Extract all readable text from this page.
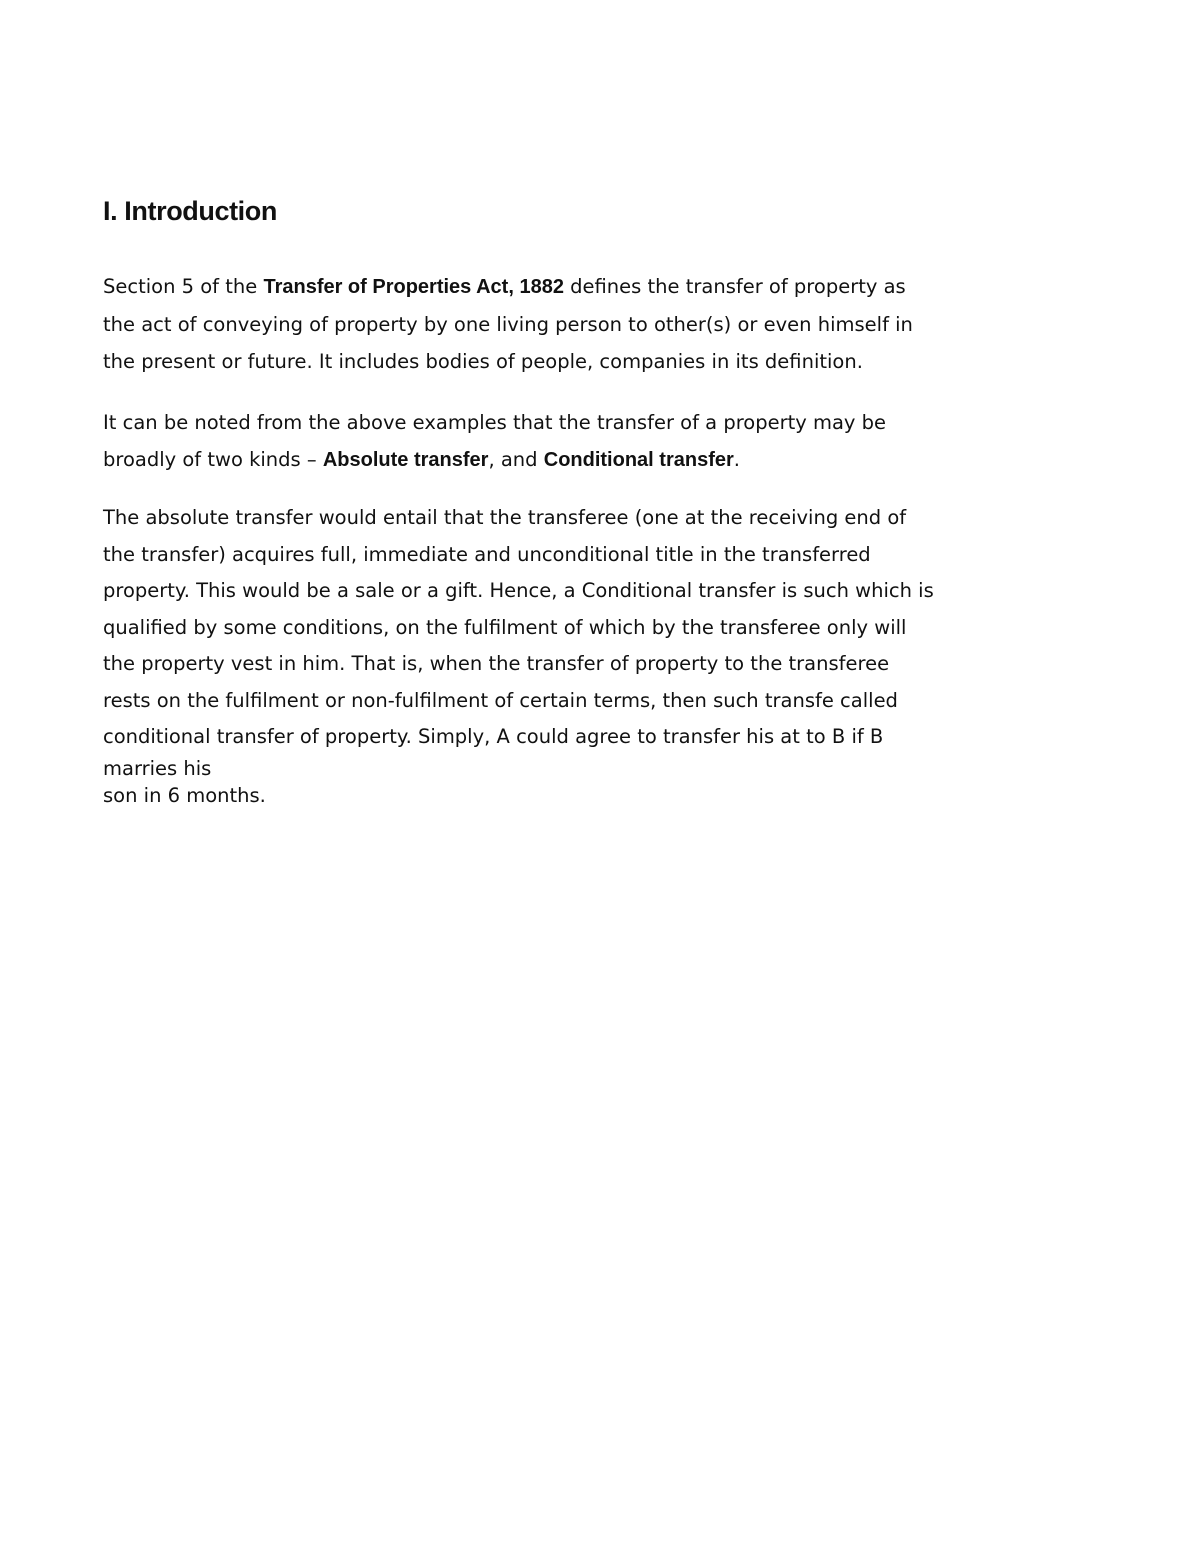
I. Introduction

Section 5 of the Transfer of Properties Act, 1882 defines the transfer of property as
the act of conveying of property by one living person to other(s) or even himself in
the present or future. It includes bodies of people, companies in its definition.

It can be noted from the above examples that the transfer of a property may be
broadly of two kinds – Absolute transfer, and Conditional transfer.

The absolute transfer would entail that the transferee (one at the receiving end of
the transfer) acquires full, immediate and unconditional title in the transferred
property. This would be a sale or a gift. Hence, a Conditional transfer is such which is
qualified by some conditions, on the fulfilment of which by the transferee only will
the property vest in him. That is, when the transfer of property to the transferee
rests on the fulfilment or non-fulfilment of certain terms, then such transfe called
conditional transfer of property. Simply, A could agree to transfer his at to B if B

marries his
son in 6 months.
